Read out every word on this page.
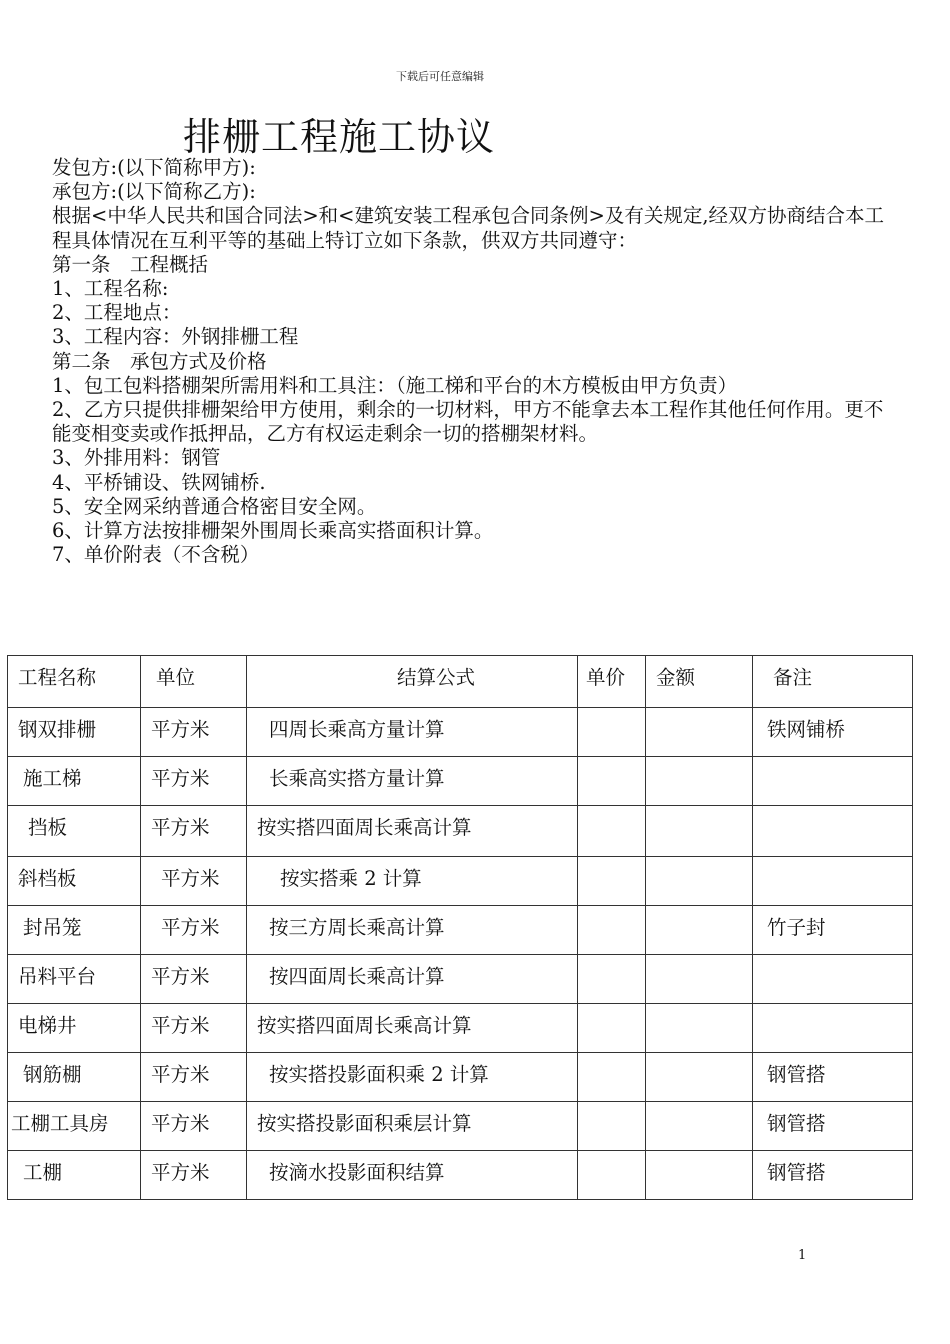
下载后可任意编辑
排栅工程施工协议
发包方:(以下简称甲方):
承包方:(以下简称乙方):
根据<中华人民共和国合同法>和<建筑安装工程承包合同条例>及有关规定,经双方协商结合本工程具体情况在互利平等的基础上特订立如下条款，供双方共同遵守：
第一条　工程概括
1、工程名称:
2、工程地点：
3、工程内容：外钢排栅工程
第二条　承包方式及价格
1、包工包料搭棚架所需用料和工具注：（施工梯和平台的木方模板由甲方负责）
2、乙方只提供排栅架给甲方使用，剩余的一切材料，甲方不能拿去本工程作其他任何作用。更不能变相变卖或作抵押品，乙方有权运走剩余一切的搭棚架材料。
3、外排用料：钢管
4、平桥铺设、铁网铺桥.
5、安全网采纳普通合格密目安全网。
6、计算方法按排栅架外围周长乘高实搭面积计算。
7、单价附表（不含税）
工程名称	单位	结算公式	单价	金额	备注

钢双排栅	平方米	四周长乘高方量计算			铁网铺桥

施工梯	平方米	长乘高实搭方量计算			

挡板	平方米	按实搭四面周长乘高计算			

斜档板	平方米	按实搭乘 2 计算			

封吊笼	平方米	按三方周长乘高计算			竹子封

吊料平台	平方米	按四面周长乘高计算			

电梯井	平方米	按实搭四面周长乘高计算			

钢筋棚	平方米	按实搭投影面积乘 2 计算			钢管搭

工棚工具房	平方米	按实搭投影面积乘层计算			钢管搭

工棚	平方米	按滴水投影面积结算			钢管搭
1
